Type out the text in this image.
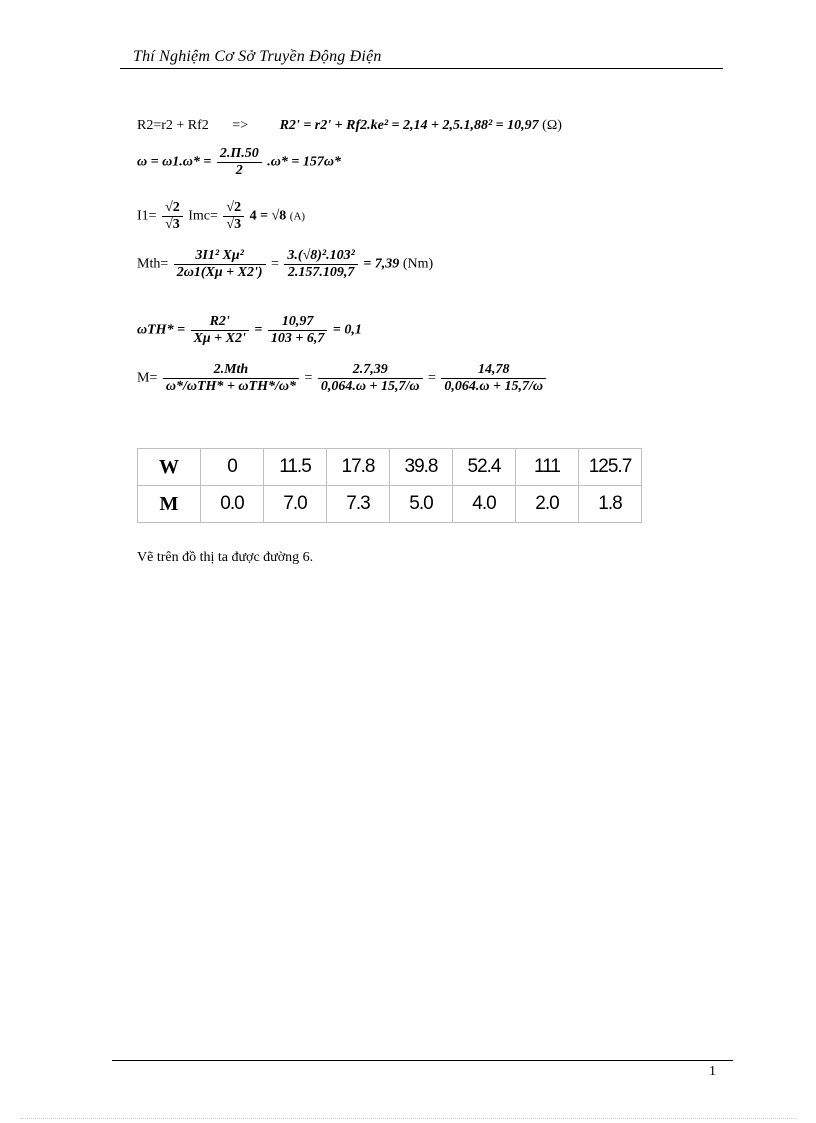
Thí Nghiệm Cơ Sở Truyền Động Điện
R2=r2 + Rf2 => R2' = r2' + Rf2.ke² = 2,14 + 2,5.1,88² = 10,97 (Ω)
$\omega = \omega 1.\omega* = \frac{2.\Pi.50}{2} .\omega* = 157\omega*$
$I1= \frac{√2}{√3} Imc= \frac{√2}{√3} 4 = √8$ (A)
$Mth= \frac{\text{3I1² Xμ²}}{2\omega 1(X\mu + X2')} = \frac{\text{3.(√8)².103²}}{2.157.109,7} = 7,39$ (Nm)
$\omega TH* = \frac{R2'}{X\mu + X2'} = \frac{10,97}{103 + 6,7} = 0,1$
$M= \frac{\text{2.Mth}}{\text{ω*/ωTH* + ωTH*/ω*}} = \frac{2.7,39}{0,064.\omega + 15,7/\omega} = \frac{14,78}{0,064.\omega + 15,7/\omega}$
W	0	11.5	17.8	39.8	52.4	111	125.7
M	0.0	7.0	7.3	5.0	4.0	2.0	1.8
Vẽ trên đồ thị ta được đường 6.
1
